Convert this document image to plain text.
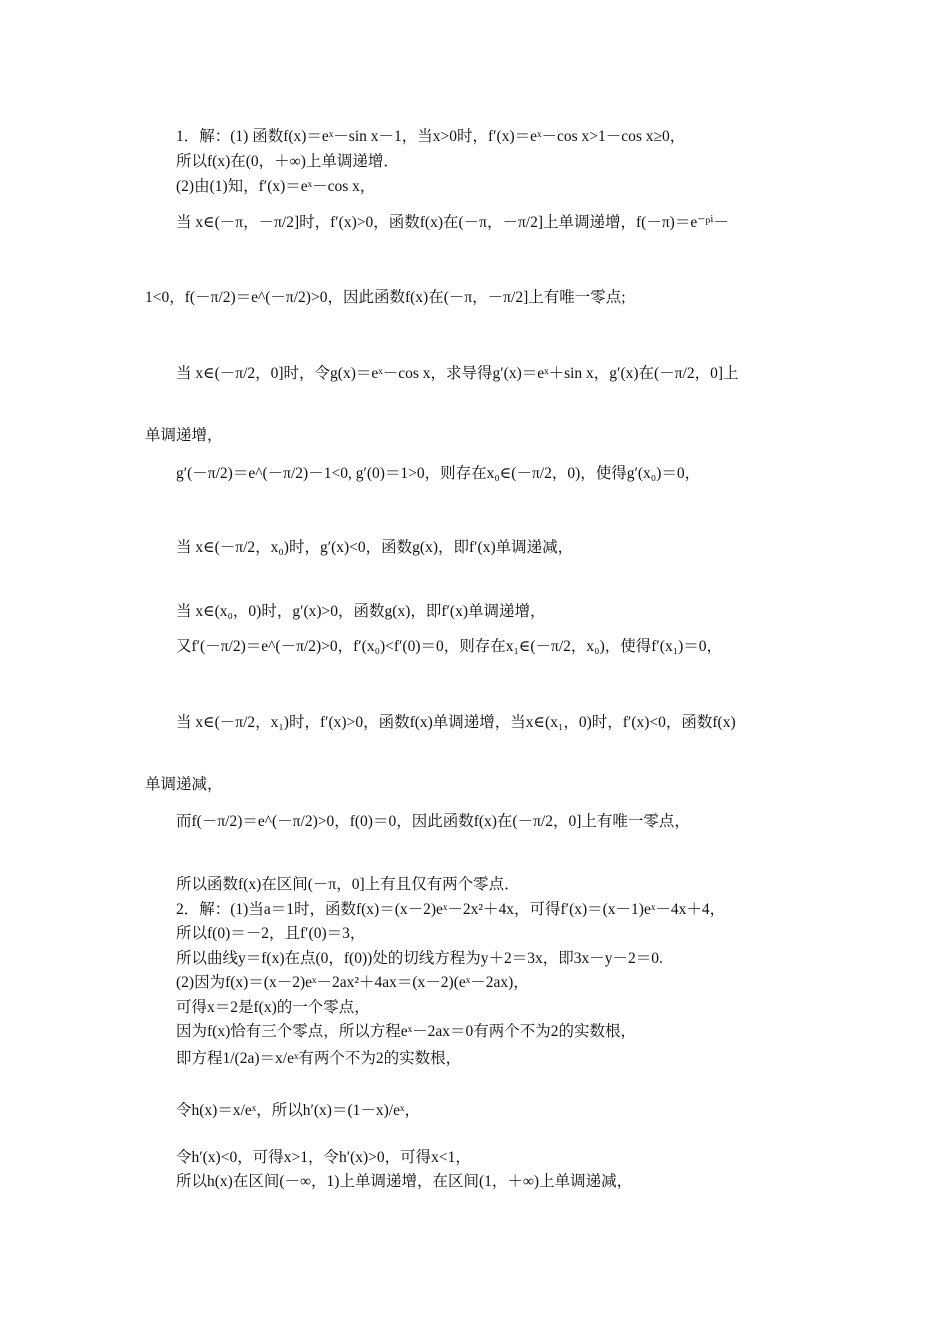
1．解：(1) 函数f(x)＝eˣ－sin x－1，当x>0时，f′(x)＝eˣ－cos x>1－cos x≥0，
所以f(x)在(0，＋∞)上单调递增．
(2)由(1)知，f′(x)＝eˣ－cos x，
当 x∈(－π，－π/2]时，f′(x)>0，函数f(x)在(－π，－π/2]上单调递增，f(－π)＝e⁻ᵖⁱ－
1<0，f(－π/2)＝e^(－π/2)>0，因此函数f(x)在(－π，－π/2]上有唯一零点;
当 x∈(－π/2，0]时，令g(x)＝eˣ－cos x，求导得g′(x)＝eˣ＋sin x，g′(x)在(－π/2，0]上
单调递增，
g′(－π/2)＝e^(－π/2)－1<0, g′(0)＝1>0，则存在x₀∈(－π/2，0)，使得g′(x₀)＝0，
当 x∈(－π/2，x₀)时，g′(x)<0，函数g(x)，即f′(x)单调递减，
当 x∈(x₀，0)时，g′(x)>0，函数g(x)，即f′(x)单调递增，
又f′(－π/2)＝e^(－π/2)>0，f′(x₀)<f′(0)＝0，则存在x₁∈(－π/2，x₀)，使得f′(x₁)＝0，
当 x∈(－π/2，x₁)时，f′(x)>0，函数f(x)单调递增，当x∈(x₁，0)时，f′(x)<0，函数f(x)
单调递减，
而f(－π/2)＝e^(－π/2)>0，f(0)＝0，因此函数f(x)在(－π/2，0]上有唯一零点，
所以函数f(x)在区间(－π，0]上有且仅有两个零点．
2．解：(1)当a＝1时，函数f(x)＝(x－2)eˣ－2x²＋4x，可得f′(x)＝(x－1)eˣ－4x＋4，
所以f(0)＝－2，且f′(0)＝3，
所以曲线y＝f(x)在点(0，f(0))处的切线方程为y＋2＝3x，即3x－y－2＝0.
(2)因为f(x)＝(x－2)eˣ－2ax²＋4ax＝(x－2)(eˣ－2ax)，
可得x＝2是f(x)的一个零点，
因为f(x)恰有三个零点，所以方程eˣ－2ax＝0有两个不为2的实数根，
即方程1/(2a)＝x/eˣ有两个不为2的实数根，
令h(x)＝x/eˣ，所以h′(x)＝(1－x)/eˣ，
令h′(x)<0，可得x>1，令h′(x)>0，可得x<1，
所以h(x)在区间(－∞，1)上单调递增，在区间(1，＋∞)上单调递减，
